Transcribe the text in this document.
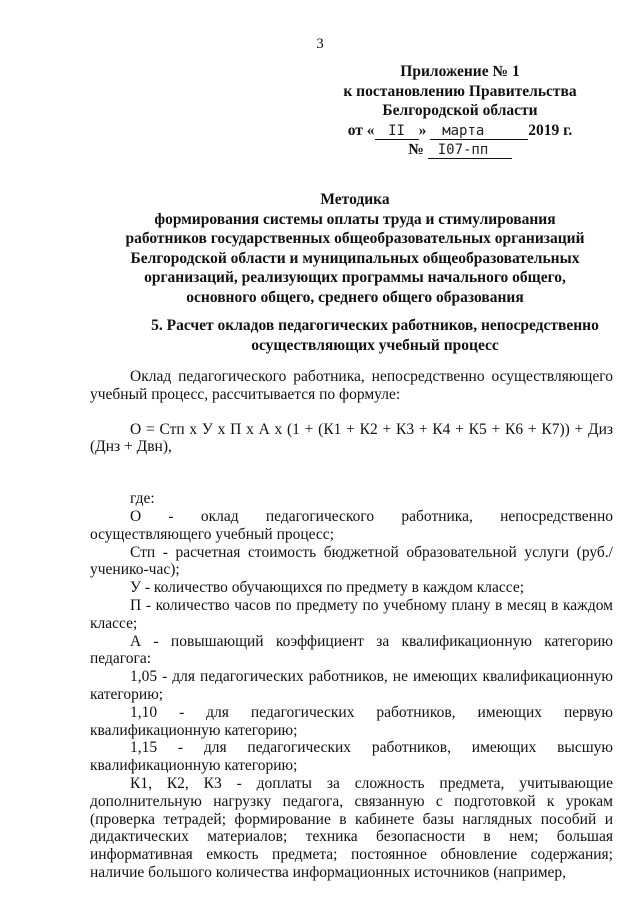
3
Приложение № 1
к постановлению Правительства
Белгородской области
от « II » марта	2019 г.
№ I07-пп
Методика
формирования системы оплаты труда и стимулирования
работников государственных общеобразовательных организаций
Белгородской области и муниципальных общеобразовательных
организаций, реализующих программы начального общего,
основного общего, среднего общего образования
5. Расчет окладов педагогических работников, непосредственно
осуществляющих учебный процесс

Оклад педагогического работника, непосредственно осуществляющего учебный процесс, рассчитывается по формуле:

О = Стп х У х П х А х (1 + (К1 + К2 + К3 + К4 + К5 + К6 + К7)) + Диз (Днз + Двн),

где:

О - оклад педагогического работника, непосредственно осуществляющего учебный процесс;

Стп - расчетная стоимость бюджетной образовательной услуги (руб./ученико-час);

У - количество обучающихся по предмету в каждом классе;

П - количество часов по предмету по учебному плану в месяц в каждом классе;

А - повышающий коэффициент за квалификационную категорию педагога:

1,05 - для педагогических работников, не имеющих квалификационную категорию;

1,10 - для педагогических работников, имеющих первую квалификационную категорию;

1,15 - для педагогических работников, имеющих высшую квалификационную категорию;

К1, К2, К3 - доплаты за сложность предмета, учитывающие дополнительную нагрузку педагога, связанную с подготовкой к урокам (проверка тетрадей; формирование в кабинете базы наглядных пособий и дидактических материалов; техника безопасности в нем; большая информативная емкость предмета; постоянное обновление содержания; наличие большого количества информационных источников (например,
